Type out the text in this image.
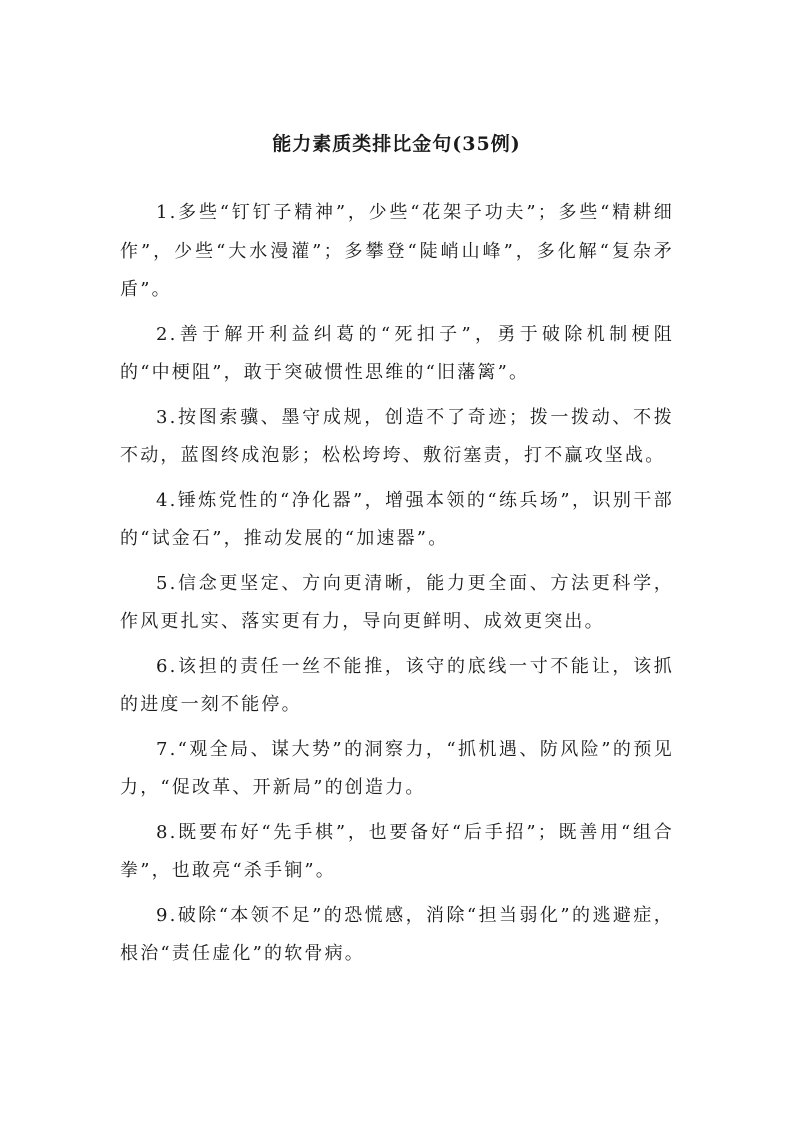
能力素质类排比金句(35例)

1.多些“钉钉子精神”，少些“花架子功夫”；多些“精耕细作”，少些“大水漫灌”；多攀登“陡峭山峰”，多化解“复杂矛盾”。

2.善于解开利益纠葛的“死扣子”，勇于破除机制梗阻的“中梗阻”，敢于突破惯性思维的“旧藩篱”。

3.按图索骥、墨守成规，创造不了奇迹；拨一拨动、不拨不动，蓝图终成泡影；松松垮垮、敷衍塞责，打不赢攻坚战。

4.锤炼党性的“净化器”，增强本领的“练兵场”，识别干部的“试金石”，推动发展的“加速器”。

5.信念更坚定、方向更清晰，能力更全面、方法更科学，作风更扎实、落实更有力，导向更鲜明、成效更突出。

6.该担的责任一丝不能推，该守的底线一寸不能让，该抓的进度一刻不能停。

7.“观全局、谋大势”的洞察力，“抓机遇、防风险”的预见力，“促改革、开新局”的创造力。

8.既要布好“先手棋”，也要备好“后手招”；既善用“组合拳”，也敢亮“杀手锏”。

9.破除“本领不足”的恐慌感，消除“担当弱化”的逃避症，根治“责任虚化”的软骨病。
